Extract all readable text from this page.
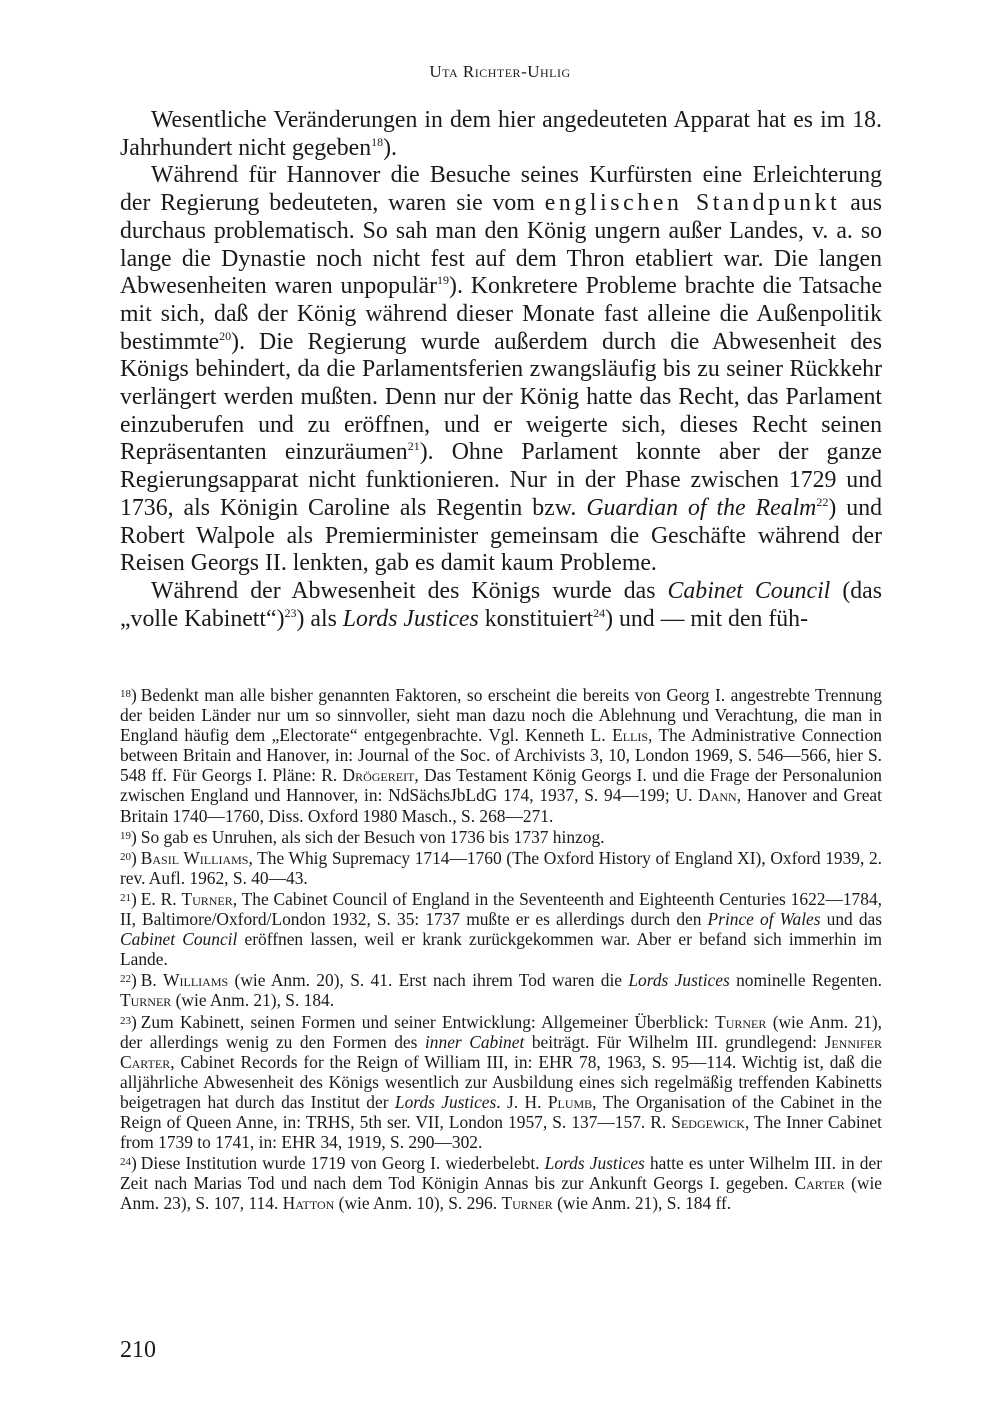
Uta Richter-Uhlig

Wesentliche Veränderungen in dem hier angedeuteten Apparat hat es im 18. Jahrhundert nicht gegeben$^{18}$).

Während für Hannover die Besuche seines Kurfürsten eine Erleichterung der Regierung bedeuteten, waren sie vom englischen Standpunkt aus durchaus problematisch. So sah man den König ungern außer Landes, v. a. so lange die Dynastie noch nicht fest auf dem Thron etabliert war. Die langen Abwesenheiten waren unpopulär$^{19}$). Konkretere Probleme brachte die Tatsache mit sich, daß der König während dieser Monate fast alleine die Außenpolitik bestimmte$^{20}$). Die Regierung wurde außerdem durch die Abwesenheit des Königs behindert, da die Parlamentsferien zwangsläufig bis zu seiner Rückkehr verlängert werden mußten. Denn nur der König hatte das Recht, das Parlament einzuberufen und zu eröffnen, und er weigerte sich, dieses Recht seinen Repräsentanten einzuräumen$^{21}$). Ohne Parlament konnte aber der ganze Regierungsapparat nicht funktionieren. Nur in der Phase zwischen 1729 und 1736, als Königin Caroline als Regentin bzw. Guardian of the Realm$^{22}$) und Robert Walpole als Premierminister gemeinsam die Geschäfte während der Reisen Georgs II. lenkten, gab es damit kaum Probleme.

Während der Abwesenheit des Königs wurde das Cabinet Council (das „volle Kabinett“)$^{23}$) als Lords Justices konstituiert$^{24}$) und — mit den füh-

$^{18}$) Bedenkt man alle bisher genannten Faktoren, so erscheint die bereits von Georg I. angestrebte Trennung der beiden Länder nur um so sinnvoller, sieht man dazu noch die Ablehnung und Verachtung, die man in England häufig dem „Electorate“ entgegenbrachte. Vgl. Kenneth L. Ellis, The Administrative Connection between Britain and Hanover, in: Journal of the Soc. of Archivists 3, 10, London 1969, S. 546—566, hier S. 548 ff. Für Georgs I. Pläne: R. Drögereit, Das Testament König Georgs I. und die Frage der Personalunion zwischen England und Hannover, in: NdSächsJbLdG 174, 1937, S. 94—199; U. Dann, Hanover and Great Britain 1740—1760, Diss. Oxford 1980 Masch., S. 268—271.

$^{19}$) So gab es Unruhen, als sich der Besuch von 1736 bis 1737 hinzog.

$^{20}$) Basil Williams, The Whig Supremacy 1714—1760 (The Oxford History of England XI), Oxford 1939, 2. rev. Aufl. 1962, S. 40—43.

$^{21}$) E. R. Turner, The Cabinet Council of England in the Seventeenth and Eighteenth Centuries 1622—1784, II, Baltimore/Oxford/London 1932, S. 35: 1737 mußte er es allerdings durch den Prince of Wales und das Cabinet Council eröffnen lassen, weil er krank zurückgekommen war. Aber er befand sich immerhin im Lande.

$^{22}$) B. Williams (wie Anm. 20), S. 41. Erst nach ihrem Tod waren die Lords Justices nominelle Regenten. Turner (wie Anm. 21), S. 184.

$^{23}$) Zum Kabinett, seinen Formen und seiner Entwicklung: Allgemeiner Überblick: Turner (wie Anm. 21), der allerdings wenig zu den Formen des inner Cabinet beiträgt. Für Wilhelm III. grundlegend: Jennifer Carter, Cabinet Records for the Reign of William III, in: EHR 78, 1963, S. 95—114. Wichtig ist, daß die alljährliche Abwesenheit des Königs wesentlich zur Ausbildung eines sich regelmäßig treffenden Kabinetts beigetragen hat durch das Institut der Lords Justices. J. H. Plumb, The Organisation of the Cabinet in the Reign of Queen Anne, in: TRHS, 5th ser. VII, London 1957, S. 137—157. R. Sedgewick, The Inner Cabinet from 1739 to 1741, in: EHR 34, 1919, S. 290—302.

$^{24}$) Diese Institution wurde 1719 von Georg I. wiederbelebt. Lords Justices hatte es unter Wilhelm III. in der Zeit nach Marias Tod und nach dem Tod Königin Annas bis zur Ankunft Georgs I. gegeben. Carter (wie Anm. 23), S. 107, 114. Hatton (wie Anm. 10), S. 296. Turner (wie Anm. 21), S. 184 ff.

210
